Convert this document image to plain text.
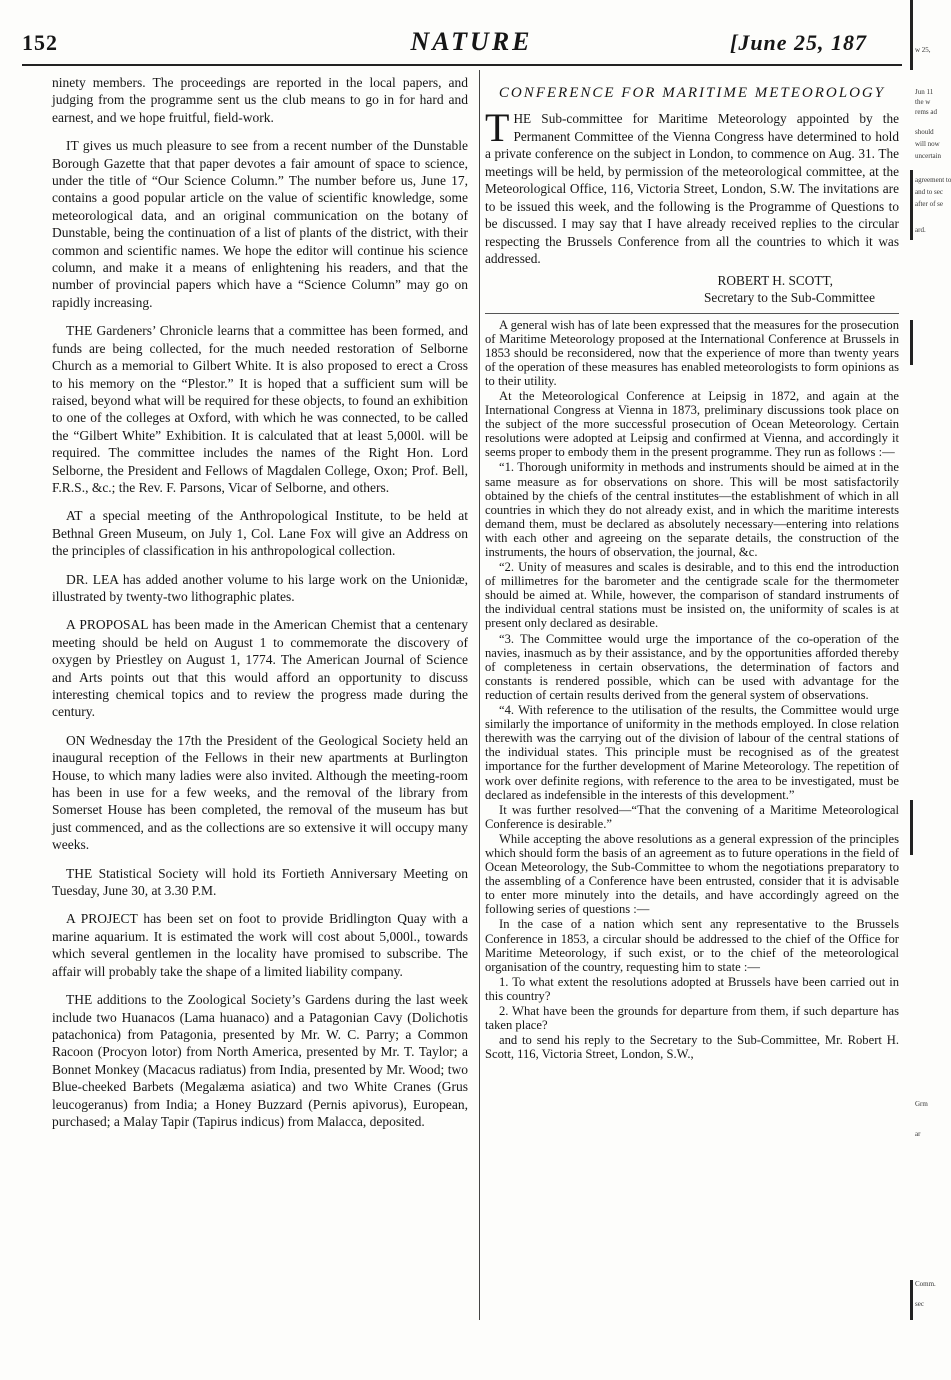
152	NATURE	[June 25, 187

ninety members. The proceedings are reported in the local papers, and judging from the programme sent us the club means to go in for hard and earnest, and we hope fruitful, field-work.

IT gives us much pleasure to see from a recent number of the Dunstable Borough Gazette that that paper devotes a fair amount of space to science, under the title of “Our Science Column.” The number before us, June 17, contains a good popular article on the value of scientific knowledge, some meteorological data, and an original communication on the botany of Dunstable, being the continuation of a list of plants of the district, with their common and scientific names. We hope the editor will continue his science column, and make it a means of enlightening his readers, and that the number of provincial papers which have a “Science Column” may go on rapidly increasing.

THE Gardeners’ Chronicle learns that a committee has been formed, and funds are being collected, for the much needed restoration of Selborne Church as a memorial to Gilbert White. It is also proposed to erect a Cross to his memory on the “Plestor.” It is hoped that a sufficient sum will be raised, beyond what will be required for these objects, to found an exhibition to one of the colleges at Oxford, with which he was connected, to be called the “Gilbert White” Exhibition. It is calculated that at least 5,000l. will be required. The committee includes the names of the Right Hon. Lord Selborne, the President and Fellows of Magdalen College, Oxon; Prof. Bell, F.R.S., &c.; the Rev. F. Parsons, Vicar of Selborne, and others.

AT a special meeting of the Anthropological Institute, to be held at Bethnal Green Museum, on July 1, Col. Lane Fox will give an Address on the principles of classification in his anthropological collection.

DR. LEA has added another volume to his large work on the Unionidæ, illustrated by twenty-two lithographic plates.

A PROPOSAL has been made in the American Chemist that a centenary meeting should be held on August 1 to commemorate the discovery of oxygen by Priestley on August 1, 1774. The American Journal of Science and Arts points out that this would afford an opportunity to discuss interesting chemical topics and to review the progress made during the century.

ON Wednesday the 17th the President of the Geological Society held an inaugural reception of the Fellows in their new apartments at Burlington House, to which many ladies were also invited. Although the meeting-room has been in use for a few weeks, and the removal of the library from Somerset House has been completed, the removal of the museum has but just commenced, and as the collections are so extensive it will occupy many weeks.

THE Statistical Society will hold its Fortieth Anniversary Meeting on Tuesday, June 30, at 3.30 P.M.

A PROJECT has been set on foot to provide Bridlington Quay with a marine aquarium. It is estimated the work will cost about 5,000l., towards which several gentlemen in the locality have promised to subscribe. The affair will probably take the shape of a limited liability company.

THE additions to the Zoological Society’s Gardens during the last week include two Huanacos (Lama huanaco) and a Patagonian Cavy (Dolichotis patachonica) from Patagonia, presented by Mr. W. C. Parry; a Common Racoon (Procyon lotor) from North America, presented by Mr. T. Taylor; a Bonnet Monkey (Macacus radiatus) from India, presented by Mr. Wood; two Blue-cheeked Barbets (Megalæma asiatica) and two White Cranes (Grus leucogeranus) from India; a Honey Buzzard (Pernis apivorus), European, purchased; a Malay Tapir (Tapirus indicus) from Malacca, deposited.

CONFERENCE FOR MARITIME METEOROLOGY

THE Sub-committee for Maritime Meteorology appointed by the Permanent Committee of the Vienna Congress have determined to hold a private conference on the subject in London, to commence on Aug. 31. The meetings will be held, by permission of the meteorological committee, at the Meteorological Office, 116, Victoria Street, London, S.W. The invitations are to be issued this week, and the following is the Programme of Questions to be discussed. I may say that I have already received replies to the circular respecting the Brussels Conference from all the countries to which it was addressed.

ROBERT H. SCOTT,
Secretary to the Sub-Committee

A general wish has of late been expressed that the measures for the prosecution of Maritime Meteorology proposed at the International Conference at Brussels in 1853 should be reconsidered, now that the experience of more than twenty years of the operation of these measures has enabled meteorologists to form opinions as to their utility.

At the Meteorological Conference at Leipsig in 1872, and again at the International Congress at Vienna in 1873, preliminary discussions took place on the subject of the more successful prosecution of Ocean Meteorology. Certain resolutions were adopted at Leipsig and confirmed at Vienna, and accordingly it seems proper to embody them in the present programme. They run as follows :—

“1. Thorough uniformity in methods and instruments should be aimed at in the same measure as for observations on shore. This will be most satisfactorily obtained by the chiefs of the central institutes—the establishment of which in all countries in which they do not already exist, and in which the maritime interests demand them, must be declared as absolutely necessary—entering into relations with each other and agreeing on the separate details, the construction of the instruments, the hours of observation, the journal, &c.

“2. Unity of measures and scales is desirable, and to this end the introduction of millimetres for the barometer and the centigrade scale for the thermometer should be aimed at. While, however, the comparison of standard instruments of the individual central stations must be insisted on, the uniformity of scales is at present only declared as desirable.

“3. The Committee would urge the importance of the co-operation of the navies, inasmuch as by their assistance, and by the opportunities afforded thereby of completeness in certain observations, the determination of factors and constants is rendered possible, which can be used with advantage for the reduction of certain results derived from the general system of observations.

“4. With reference to the utilisation of the results, the Committee would urge similarly the importance of uniformity in the methods employed. In close relation therewith was the carrying out of the division of labour of the central stations of the individual states. This principle must be recognised as of the greatest importance for the further development of Marine Meteorology. The repetition of work over definite regions, with reference to the area to be investigated, must be declared as indefensible in the interests of this development.”

It was further resolved—“That the convening of a Maritime Meteorological Conference is desirable.”

While accepting the above resolutions as a general expression of the principles which should form the basis of an agreement as to future operations in the field of Ocean Meteorology, the Sub-Committee to whom the negotiations preparatory to the assembling of a Conference have been entrusted, consider that it is advisable to enter more minutely into the details, and have accordingly agreed on the following series of questions :—

In the case of a nation which sent any representative to the Brussels Conference in 1853, a circular should be addressed to the chief of the Office for Maritime Meteorology, if such exist, or to the chief of the meteorological organisation of the country, requesting him to state :—

1. To what extent the resolutions adopted at Brussels have been carried out in this country?

2. What have been the grounds for departure from them, if such departure has taken place?

and to send his reply to the Secretary to the Sub-Committee, Mr. Robert H. Scott, 116, Victoria Street, London, S.W.,

w 25,
Jun 11
the w
rems ad
should
will now
uncertain
agreement to
and to sec
after of se
ard.
Grm
ar
Comm.
sec
